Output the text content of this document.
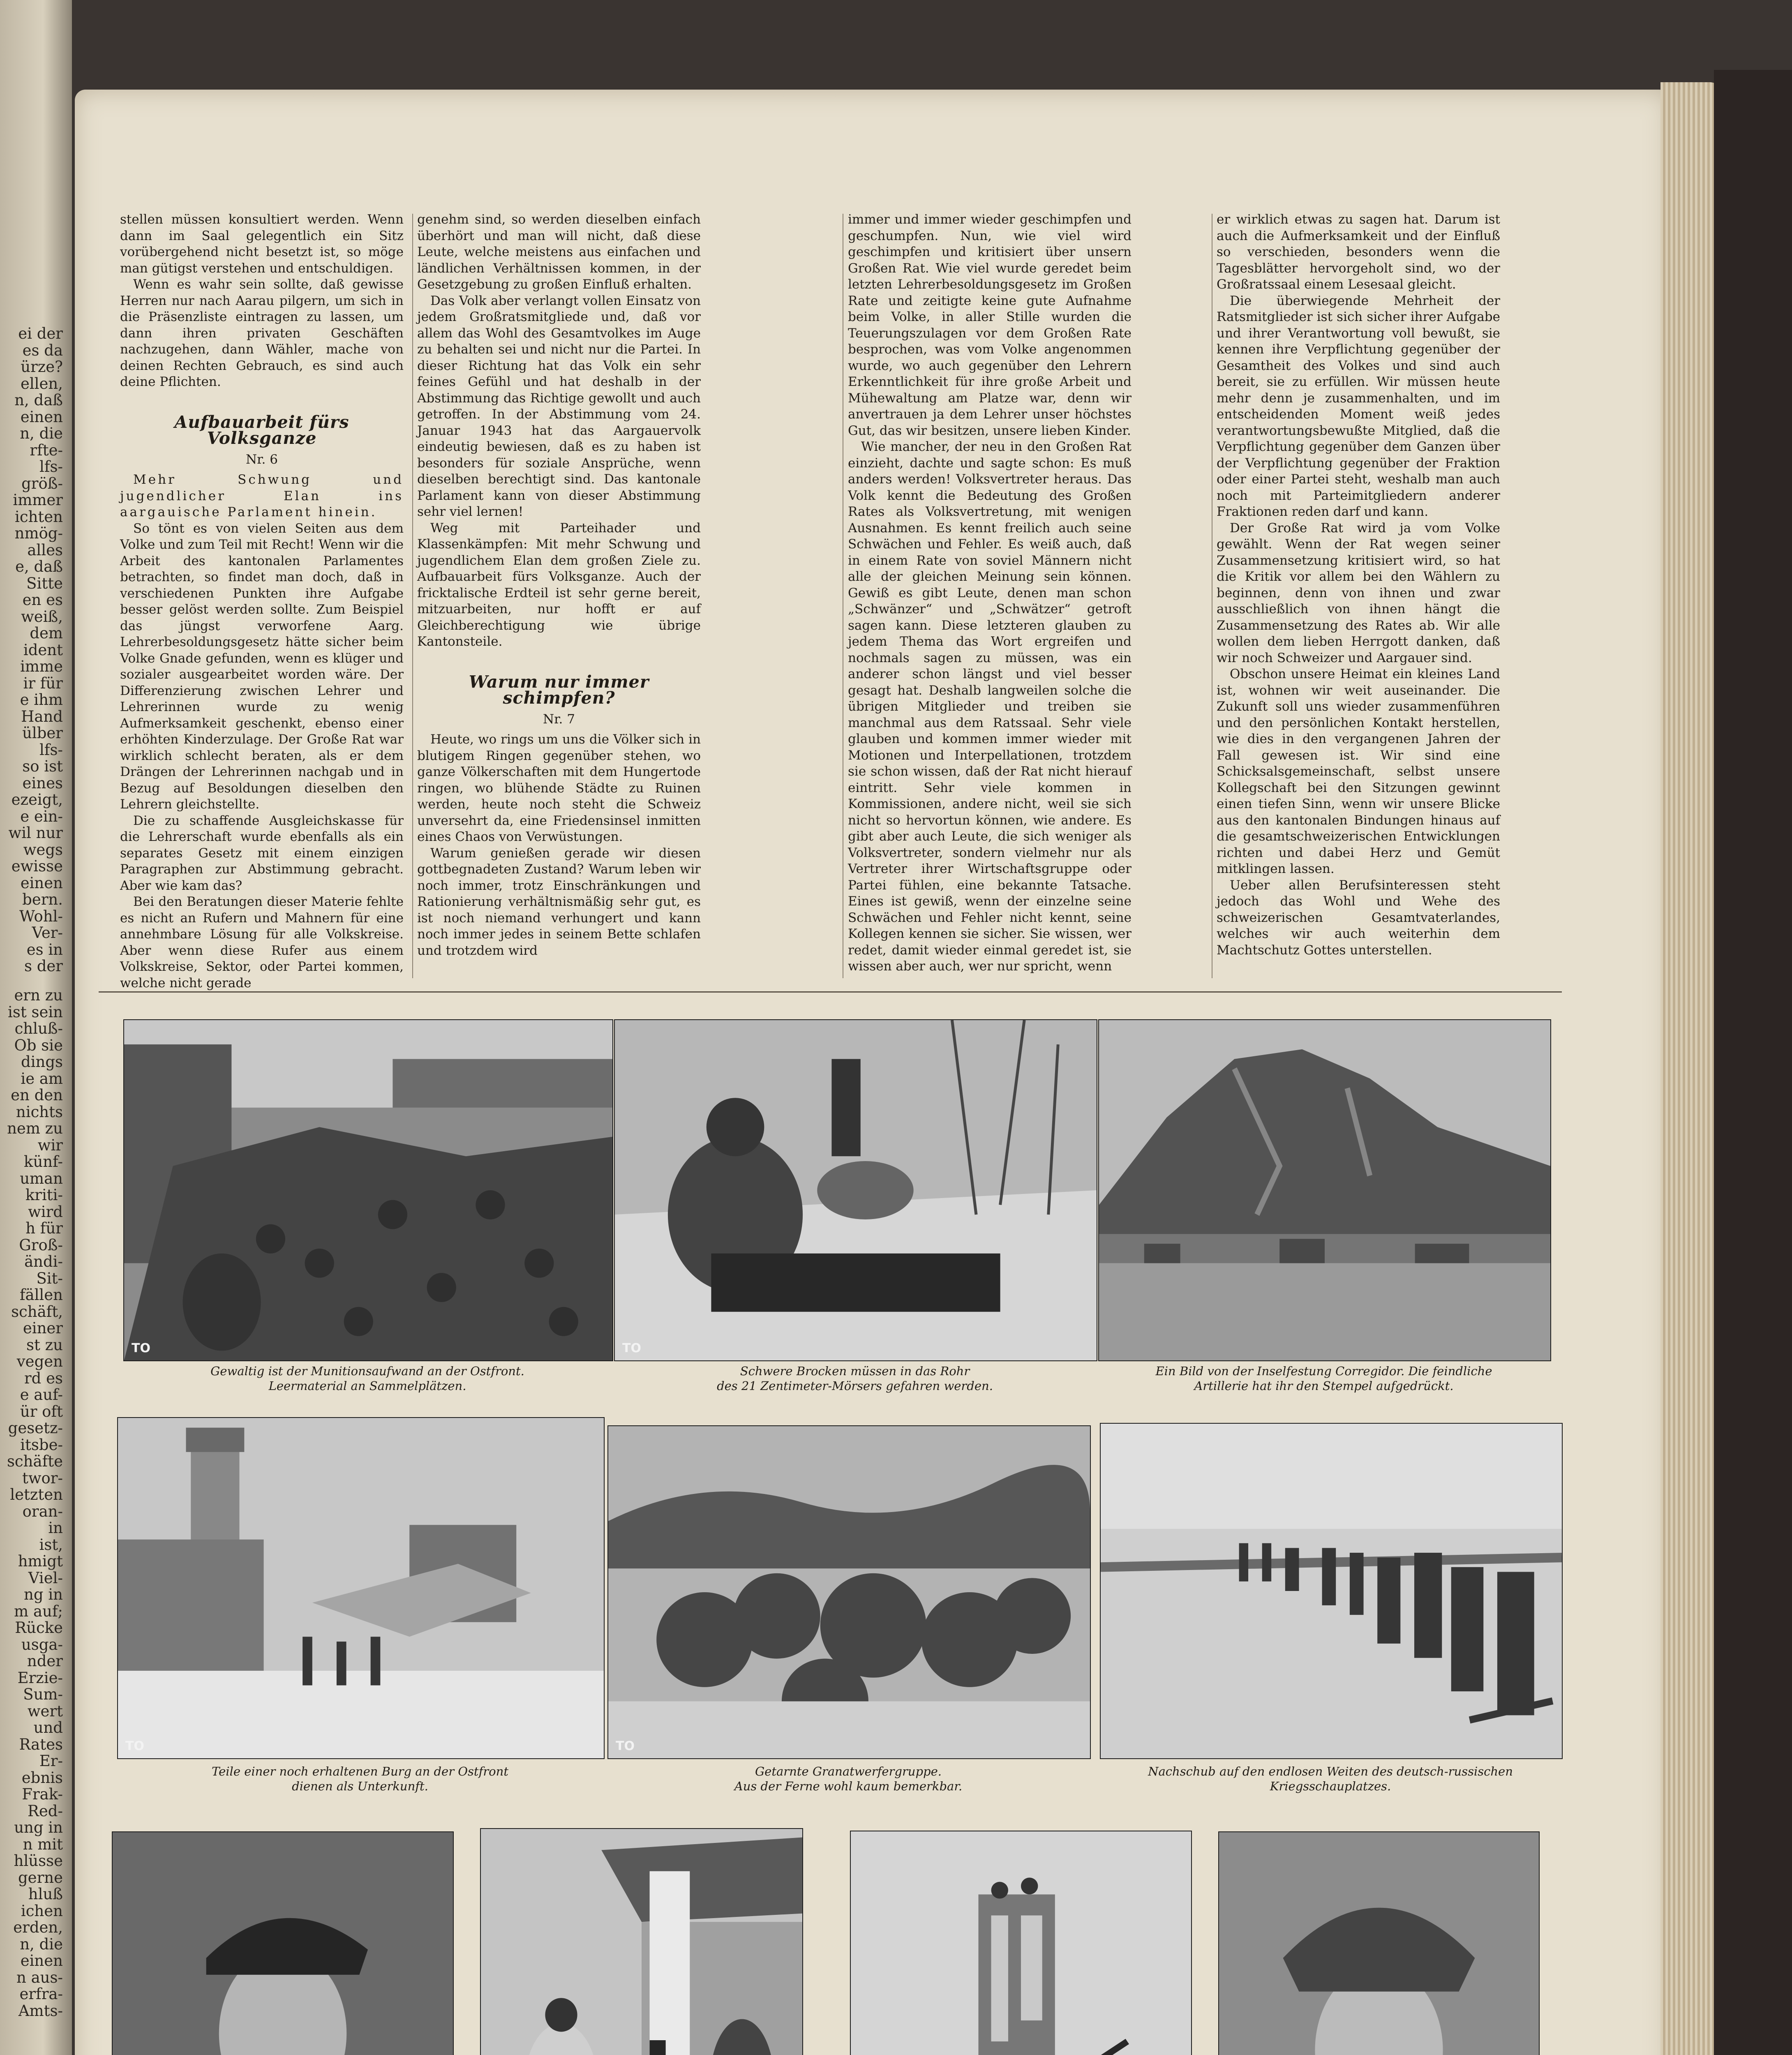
ei der
es da
ürze?
ellen,
n, daß
einen
n, die
rfte-
lfs-
größ-
immer
ichten
nmög-
alles
e, daß
Sitte
en es
weiß,
dem
ident
imme
ir für
e ihm
Hand
ülber
lfs-
so ist
eines
ezeigt,
e ein-
wil nur
wegs
ewisse
einen
bern.
Wohl-
Ver-
es in
s der
ern zu
ist sein
chluß-
Ob sie
dings
ie am
en den
nichts
nem zu
wir
künf-
uman
kriti-
wird
h für
Groß-
ändi-
Sit-
fällen
schäft,
einer
st zu
vegen
rd es
e auf-
ür oft
gesetz-
itsbe-
schäfte
twor-
letzten
oran-
in
ist,
hmigt
Viel-
ng in
m auf;
Rücke
usga-
nder
Erzie-
Sum-
wert
und
Rates
Er-
ebnis
Frak-
Red-
ung in
n mit
hlüsse
gerne
hluß
ichen
erden,
n, die
einen
n aus-
erfra-
Amts-

stellen müssen konsultiert werden. Wenn dann im Saal gelegentlich ein Sitz vorübergehend nicht besetzt ist, so möge man gütigst verstehen und entschuldigen.

Wenn es wahr sein sollte, daß gewisse Herren nur nach Aarau pilgern, um sich in die Präsenzliste eintragen zu lassen, um dann ihren privaten Geschäften nachzugehen, dann Wähler, mache von deinen Rechten Gebrauch, es sind auch deine Pflichten.

Aufbauarbeit fürs Volksganze
Nr. 6

Mehr Schwung und jugendlicher Elan ins aargauische Parlament hinein.

So tönt es von vielen Seiten aus dem Volke und zum Teil mit Recht! Wenn wir die Arbeit des kantonalen Parlamentes betrachten, so findet man doch, daß in verschiedenen Punkten ihre Aufgabe besser gelöst werden sollte. Zum Beispiel das jüngst verworfene Aarg. Lehrerbesoldungsgesetz hätte sicher beim Volke Gnade gefunden, wenn es klüger und sozialer ausgearbeitet worden wäre. Der Differenzierung zwischen Lehrer und Lehrerinnen wurde zu wenig Aufmerksamkeit geschenkt, ebenso einer erhöhten Kinderzulage. Der Große Rat war wirklich schlecht beraten, als er dem Drängen der Lehrerinnen nachgab und in Bezug auf Besoldungen dieselben den Lehrern gleichstellte.

Die zu schaffende Ausgleichskasse für die Lehrerschaft wurde ebenfalls als ein separates Gesetz mit einem einzigen Paragraphen zur Abstimmung gebracht. Aber wie kam das?

Bei den Beratungen dieser Materie fehlte es nicht an Rufern und Mahnern für eine annehmbare Lösung für alle Volkskreise. Aber wenn diese Rufer aus einem Volkskreise, Sektor, oder Partei kommen, welche nicht gerade

genehm sind, so werden dieselben einfach überhört und man will nicht, daß diese Leute, welche meistens aus einfachen und ländlichen Verhältnissen kommen, in der Gesetzgebung zu großen Einfluß erhalten.

Das Volk aber verlangt vollen Einsatz von jedem Großratsmitgliede und, daß vor allem das Wohl des Gesamtvolkes im Auge zu behalten sei und nicht nur die Partei. In dieser Richtung hat das Volk ein sehr feines Gefühl und hat deshalb in der Abstimmung das Richtige gewollt und auch getroffen. In der Abstimmung vom 24. Januar 1943 hat das Aargauervolk eindeutig bewiesen, daß es zu haben ist besonders für soziale Ansprüche, wenn dieselben berechtigt sind. Das kantonale Parlament kann von dieser Abstimmung sehr viel lernen!

Weg mit Parteihader und Klassenkämpfen: Mit mehr Schwung und jugendlichem Elan dem großen Ziele zu. Aufbauarbeit fürs Volksganze. Auch der fricktalische Erdteil ist sehr gerne bereit, mitzuarbeiten, nur hofft er auf Gleichberechtigung wie übrige Kantonsteile.

Warum nur immer schimpfen?
Nr. 7

Heute, wo rings um uns die Völker sich in blutigem Ringen gegenüber stehen, wo ganze Völkerschaften mit dem Hungertode ringen, wo blühende Städte zu Ruinen werden, heute noch steht die Schweiz unversehrt da, eine Friedensinsel inmitten eines Chaos von Verwüstungen.

Warum genießen gerade wir diesen gottbegnadeten Zustand? Warum leben wir noch immer, trotz Einschränkungen und Rationierung verhältnismäßig sehr gut, es ist noch niemand verhungert und kann noch immer jedes in seinem Bette schlafen und trotzdem wird

immer und immer wieder geschimpfen und geschumpfen. Nun, wie viel wird geschimpfen und kritisiert über unsern Großen Rat. Wie viel wurde geredet beim letzten Lehrerbesoldungsgesetz im Großen Rate und zeitigte keine gute Aufnahme beim Volke, in aller Stille wurden die Teuerungszulagen vor dem Großen Rate besprochen, was vom Volke angenommen wurde, wo auch gegenüber den Lehrern Erkenntlichkeit für ihre große Arbeit und Mühewaltung am Platze war, denn wir anvertrauen ja dem Lehrer unser höchstes Gut, das wir besitzen, unsere lieben Kinder.

Wie mancher, der neu in den Großen Rat einzieht, dachte und sagte schon: Es muß anders werden! Volksvertreter heraus. Das Volk kennt die Bedeutung des Großen Rates als Volksvertretung, mit wenigen Ausnahmen. Es kennt freilich auch seine Schwächen und Fehler. Es weiß auch, daß in einem Rate von soviel Männern nicht alle der gleichen Meinung sein können. Gewiß es gibt Leute, denen man schon „Schwänzer“ und „Schwätzer“ getroft sagen kann. Diese letzteren glauben zu jedem Thema das Wort ergreifen und nochmals sagen zu müssen, was ein anderer schon längst und viel besser gesagt hat. Deshalb langweilen solche die übrigen Mitglieder und treiben sie manchmal aus dem Ratssaal. Sehr viele glauben und kommen immer wieder mit Motionen und Interpellationen, trotzdem sie schon wissen, daß der Rat nicht hierauf eintritt. Sehr viele kommen in Kommissionen, andere nicht, weil sie sich nicht so hervortun können, wie andere. Es gibt aber auch Leute, die sich weniger als Volksvertreter, sondern vielmehr nur als Vertreter ihrer Wirtschaftsgruppe oder Partei fühlen, eine bekannte Tatsache. Eines ist gewiß, wenn der einzelne seine Schwächen und Fehler nicht kennt, seine Kollegen kennen sie sicher. Sie wissen, wer redet, damit wieder einmal geredet ist, sie wissen aber auch, wer nur spricht, wenn

er wirklich etwas zu sagen hat. Darum ist auch die Aufmerksamkeit und der Einfluß so verschieden, besonders wenn die Tagesblätter hervorgeholt sind, wo der Großratssaal einem Lesesaal gleicht.

Die überwiegende Mehrheit der Ratsmitglieder ist sich sicher ihrer Aufgabe und ihrer Verantwortung voll bewußt, sie kennen ihre Verpflichtung gegenüber der Gesamtheit des Volkes und sind auch bereit, sie zu erfüllen. Wir müssen heute mehr denn je zusammenhalten, und im entscheidenden Moment weiß jedes verantwortungsbewußte Mitglied, daß die Verpflichtung gegenüber dem Ganzen über der Verpflichtung gegenüber der Fraktion oder einer Partei steht, weshalb man auch noch mit Parteimitgliedern anderer Fraktionen reden darf und kann.

Der Große Rat wird ja vom Volke gewählt. Wenn der Rat wegen seiner Zusammensetzung kritisiert wird, so hat die Kritik vor allem bei den Wählern zu beginnen, denn von ihnen und zwar ausschließlich von ihnen hängt die Zusammensetzung des Rates ab. Wir alle wollen dem lieben Herrgott danken, daß wir noch Schweizer und Aargauer sind.

Obschon unsere Heimat ein kleines Land ist, wohnen wir weit auseinander. Die Zukunft soll uns wieder zusammenführen und den persönlichen Kontakt herstellen, wie dies in den vergangenen Jahren der Fall gewesen ist. Wir sind eine Schicksalsgemeinschaft, selbst unsere Kollegschaft bei den Sitzungen gewinnt einen tiefen Sinn, wenn wir unsere Blicke aus den kantonalen Bindungen hinaus auf die gesamtschweizerischen Entwicklungen richten und dabei Herz und Gemüt mitklingen lassen.

Ueber allen Berufsinteressen steht jedoch das Wohl und Wehe des schweizerischen Gesamtvaterlandes, welches wir auch weiterhin dem Machtschutz Gottes unterstellen.

TO	TO
Gewaltig ist der Munitionsaufwand an der Ostfront.
Leermaterial an Sammelplätzen.
Schwere Brocken müssen in das Rohr
des 21 Zentimeter-Mörsers gefahren werden.
Ein Bild von der Inselfestung Corregidor. Die feindliche
Artillerie hat ihr den Stempel aufgedrückt.
TO	TO
Teile einer noch erhaltenen Burg an der Ostfront
dienen als Unterkunft.
Getarnte Granatwerfergruppe.
Aus der Ferne wohl kaum bemerkbar.
Nachschub auf den endlosen Weiten des deutsch-russischen
Kriegsschauplatzes.
